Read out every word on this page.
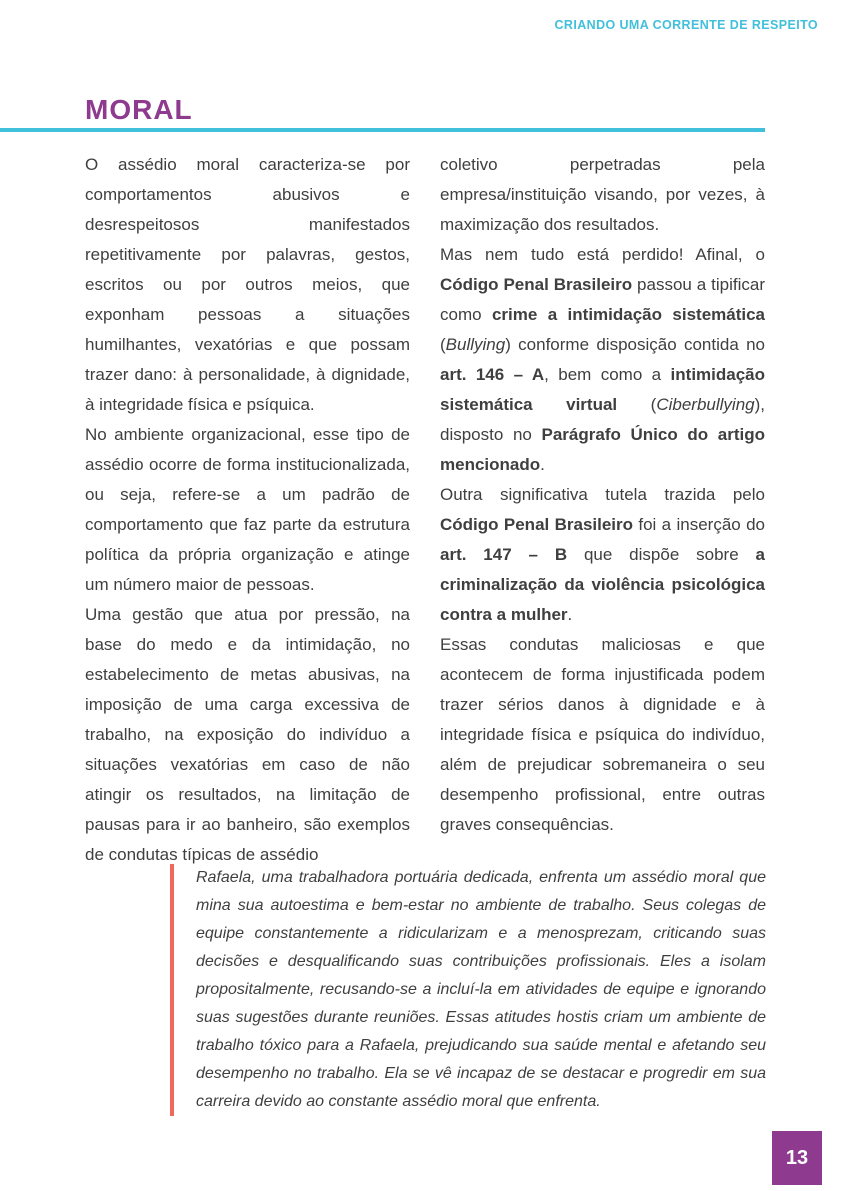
CRIANDO UMA CORRENTE DE RESPEITO
MORAL

O assédio moral caracteriza-se por comportamentos abusivos e desrespeitosos manifestados repetitivamente por palavras, gestos, escritos ou por outros meios, que exponham pessoas a situações humilhantes, vexatórias e que possam trazer dano: à personalidade, à dignidade, à integridade física e psíquica.

No ambiente organizacional, esse tipo de assédio ocorre de forma institucionalizada, ou seja, refere-se a um padrão de comportamento que faz parte da estrutura política da própria organização e atinge um número maior de pessoas.

Uma gestão que atua por pressão, na base do medo e da intimidação, no estabelecimento de metas abusivas, na imposição de uma carga excessiva de trabalho, na exposição do indivíduo a situações vexatórias em caso de não atingir os resultados, na limitação de pausas para ir ao banheiro, são exemplos de condutas típicas de assédio

coletivo perpetradas pela empresa/instituição visando, por vezes, à maximização dos resultados.

Mas nem tudo está perdido! Afinal, o Código Penal Brasileiro passou a tipificar como crime a intimidação sistemática (Bullying) conforme disposição contida no art. 146 – A, bem como a intimidação sistemática virtual (Ciberbullying), disposto no Parágrafo Único do artigo mencionado.

Outra significativa tutela trazida pelo Código Penal Brasileiro foi a inserção do art. 147 – B que dispõe sobre a criminalização da violência psicológica contra a mulher.

Essas condutas maliciosas e que acontecem de forma injustificada podem trazer sérios danos à dignidade e à integridade física e psíquica do indivíduo, além de prejudicar sobremaneira o seu desempenho profissional, entre outras graves consequências.

Rafaela, uma trabalhadora portuária dedicada, enfrenta um assédio moral que mina sua autoestima e bem-estar no ambiente de trabalho. Seus colegas de equipe constantemente a ridicularizam e a menosprezam, criticando suas decisões e desqualificando suas contribuições profissionais. Eles a isolam propositalmente, recusando-se a incluí-la em atividades de equipe e ignorando suas sugestões durante reuniões. Essas atitudes hostis criam um ambiente de trabalho tóxico para a Rafaela, prejudicando sua saúde mental e afetando seu desempenho no trabalho. Ela se vê incapaz de se destacar e progredir em sua carreira devido ao constante assédio moral que enfrenta.

13
